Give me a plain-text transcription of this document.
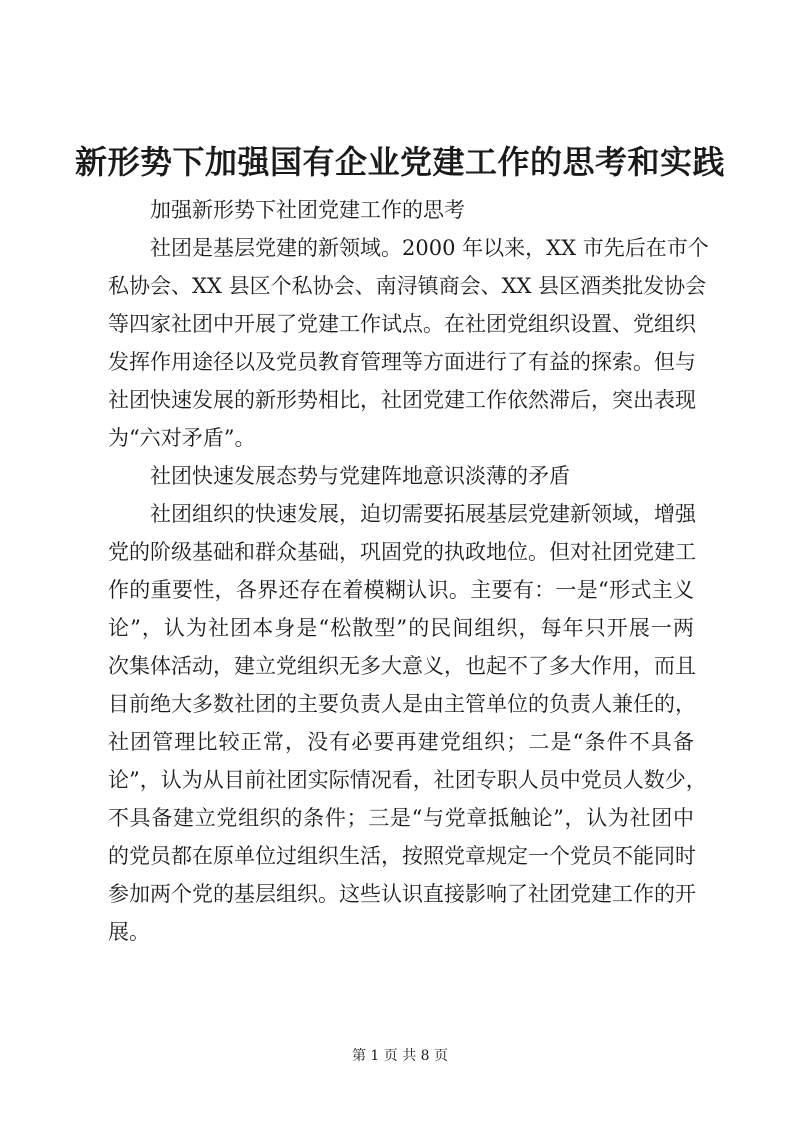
新形势下加强国有企业党建工作的思考和实践
加强新形势下社团党建工作的思考
社团是基层党建的新领域。2000 年以来，XX 市先后在市个
私协会、XX 县区个私协会、南浔镇商会、XX 县区酒类批发协会
等四家社团中开展了党建工作试点。在社团党组织设置、党组织
发挥作用途径以及党员教育管理等方面进行了有益的探索。但与
社团快速发展的新形势相比，社团党建工作依然滞后，突出表现
为“六对矛盾”。
社团快速发展态势与党建阵地意识淡薄的矛盾
社团组织的快速发展，迫切需要拓展基层党建新领域，增强
党的阶级基础和群众基础，巩固党的执政地位。但对社团党建工
作的重要性，各界还存在着模糊认识。主要有：一是“形式主义
论”，认为社团本身是“松散型”的民间组织，每年只开展一两
次集体活动，建立党组织无多大意义，也起不了多大作用，而且
目前绝大多数社团的主要负责人是由主管单位的负责人兼任的，
社团管理比较正常，没有必要再建党组织；二是“条件不具备
论”，认为从目前社团实际情况看，社团专职人员中党员人数少，
不具备建立党组织的条件；三是“与党章抵触论”，认为社团中
的党员都在原单位过组织生活，按照党章规定一个党员不能同时
参加两个党的基层组织。这些认识直接影响了社团党建工作的开
展。
第 1 页 共 8 页
